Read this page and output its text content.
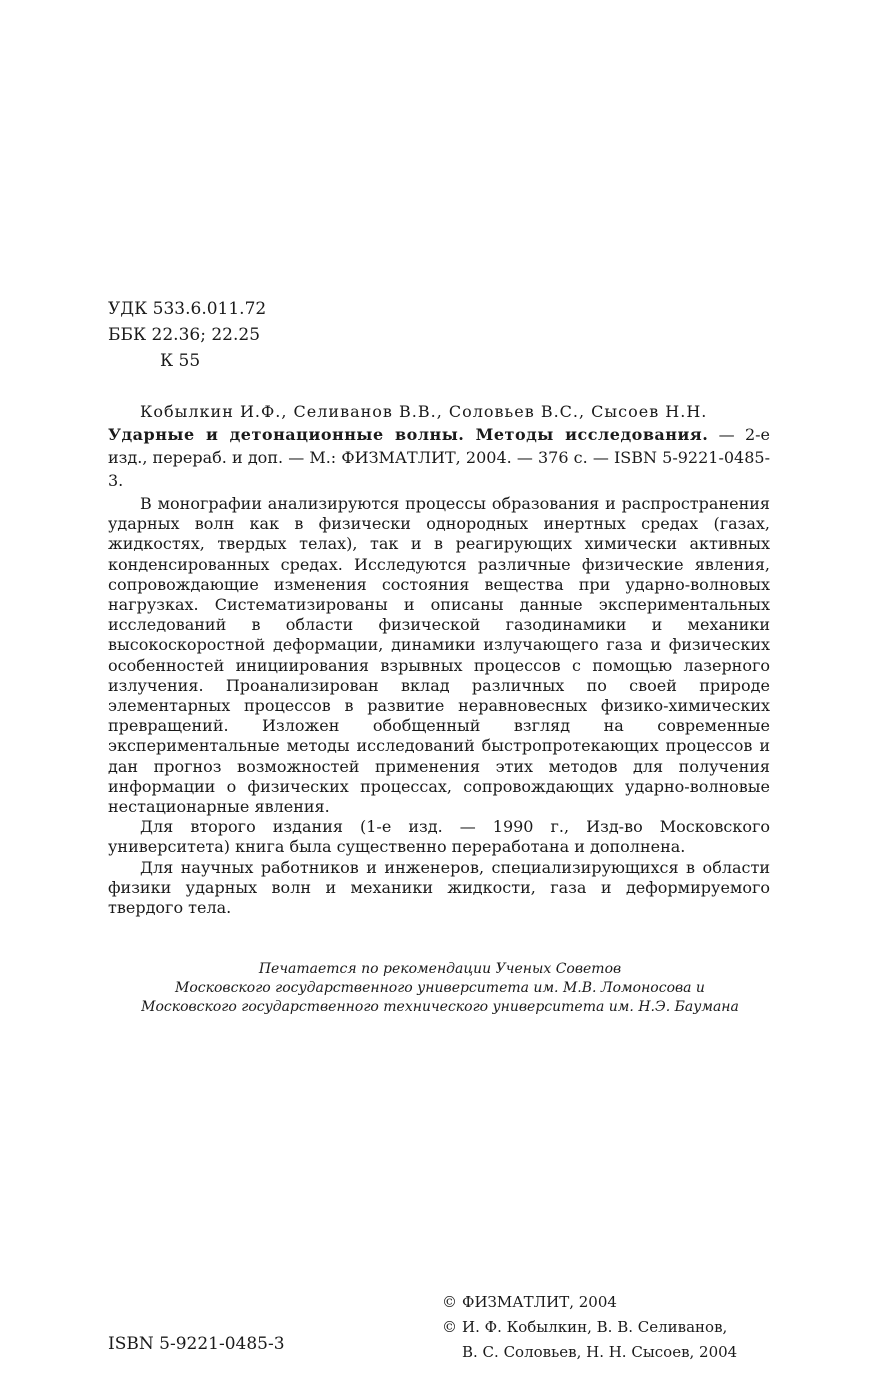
УДК 533.6.011.72
ББК 22.36; 22.25
К 55
Кобылкин И.Ф., Селиванов В.В., Соловьев В.С., Сысоев Н.Н.
Ударные и детонационные волны. Методы исследования. — 2-е изд., перераб. и доп. — М.: ФИЗМАТЛИТ, 2004. — 376 с. — ISBN 5-9221-0485-3.

В монографии анализируются процессы образования и распространения ударных волн как в физически однородных инертных средах (газах, жидкостях, твердых телах), так и в реагирующих химически активных конденсированных средах. Исследуются различные физические явления, сопровождающие изменения состояния вещества при ударно-волновых нагрузках. Систематизированы и описаны данные экспериментальных исследований в области физической газодинамики и механики высокоскоростной деформации, динамики излучающего газа и физических особенностей инициирования взрывных процессов с помощью лазерного излучения. Проанализирован вклад различных по своей природе элементарных процессов в развитие неравновесных физико-химических превращений. Изложен обобщенный взгляд на современные экспериментальные методы исследований быстропротекающих процессов и дан прогноз возможностей применения этих методов для получения информации о физических процессах, сопровождающих ударно-волновые нестационарные явления.

Для второго издания (1-е изд. — 1990 г., Изд-во Московского университета) книга была существенно переработана и дополнена.

Для научных работников и инженеров, специализирующихся в области физики ударных волн и механики жидкости, газа и деформируемого твердого тела.

Печатается по рекомендации Ученых Советов
Московского государственного университета им. М.В. Ломоносова и
Московского государственного технического университета им. Н.Э. Баумана
ISBN 5-9221-0485-3
© ФИЗМАТЛИТ, 2004
© И. Ф. Кобылкин, В. В. Селиванов,
В. С. Соловьев, Н. Н. Сысоев, 2004
